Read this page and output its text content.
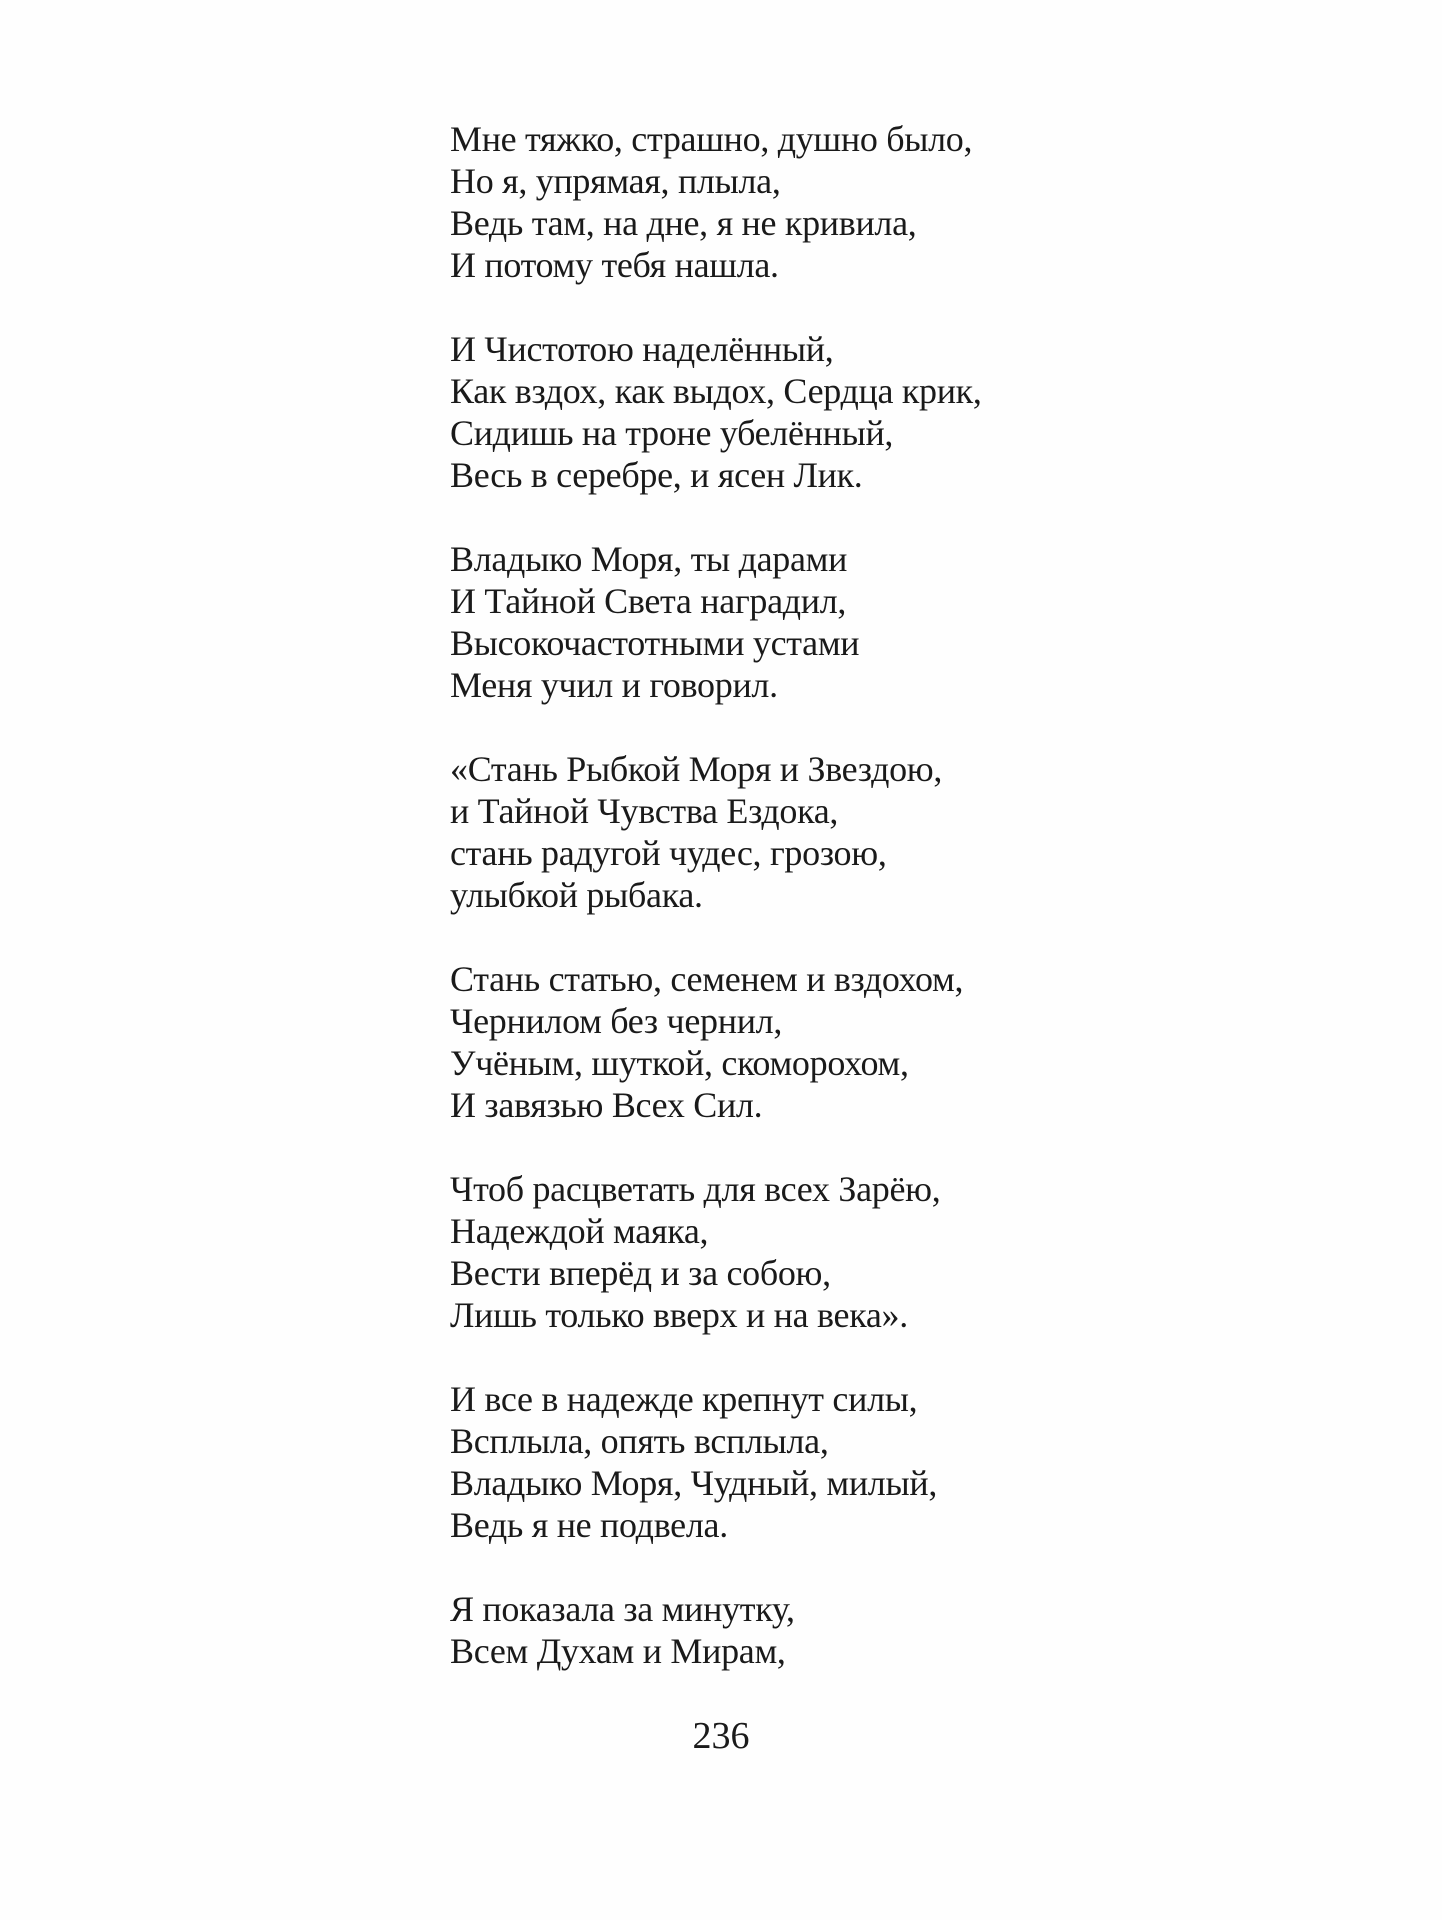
Мне тяжко, страшно, душно было,
Но я, упрямая, плыла,
Ведь там, на дне, я не кривила,
И потому тебя нашла.
И Чистотою наделённый,
Как вздох, как выдох, Сердца крик,
Сидишь на троне убелённый,
Весь в серебре, и ясен Лик.
Владыко Моря, ты дарами
И Тайной Света наградил,
Высокочастотными устами
Меня учил и говорил.
«Стань Рыбкой Моря и Звездою,
и Тайной Чувства Ездока,
стань радугой чудес, грозою,
улыбкой рыбака.
Стань статью, семенем и вздохом,
Чернилом без чернил,
Учёным, шуткой, скоморохом,
И завязью Всех Сил.
Чтоб расцветать для всех Зарёю,
Надеждой маяка,
Вести вперёд и за собою,
Лишь только вверх и на века».
И все в надежде крепнут силы,
Всплыла, опять всплыла,
Владыко Моря, Чудный, милый,
Ведь я не подвела.
Я показала за минутку,
Всем Духам и Мирам,
236
